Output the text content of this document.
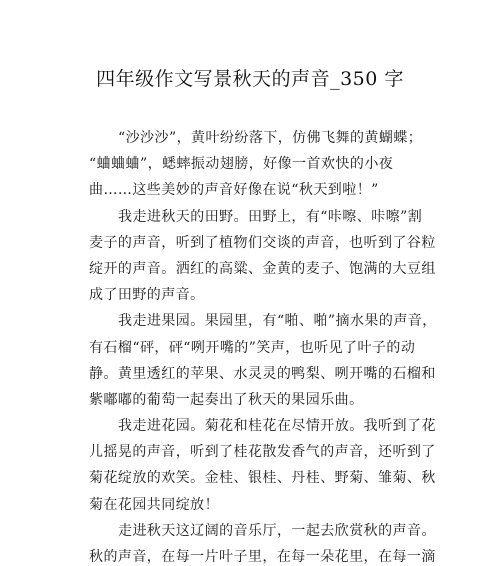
四年级作文写景秋天的声音_350 字
“沙沙沙”，黄叶纷纷落下，仿佛飞舞的黄蝴蝶；
“蛐蛐蛐”，蟋蟀振动翅膀，好像一首欢快的小夜
曲……这些美妙的声音好像在说“秋天到啦！”
我走进秋天的田野。田野上，有“咔嚓、咔嚓”割
麦子的声音，听到了植物们交谈的声音，也听到了谷粒
绽开的声音。洒红的高粱、金黄的麦子、饱满的大豆组
成了田野的声音。
我走进果园。果园里，有“啪、啪”摘水果的声音，
有石榴“砰，砰“咧开嘴的”笑声，也听见了叶子的动
静。黄里透红的苹果、水灵灵的鸭梨、咧开嘴的石榴和
紫嘟嘟的葡萄一起奏出了秋天的果园乐曲。
我走进花园。菊花和桂花在尽情开放。我听到了花
儿摇晃的声音，听到了桂花散发香气的声音，还听到了
菊花绽放的欢笑。金桂、银桂、丹桂、野菊、雏菊、秋
菊在花园共同绽放！
走进秋天这辽阔的音乐厅，一起去欣赏秋的声音。
秋的声音，在每一片叶子里，在每一朵花里，在每一滴
